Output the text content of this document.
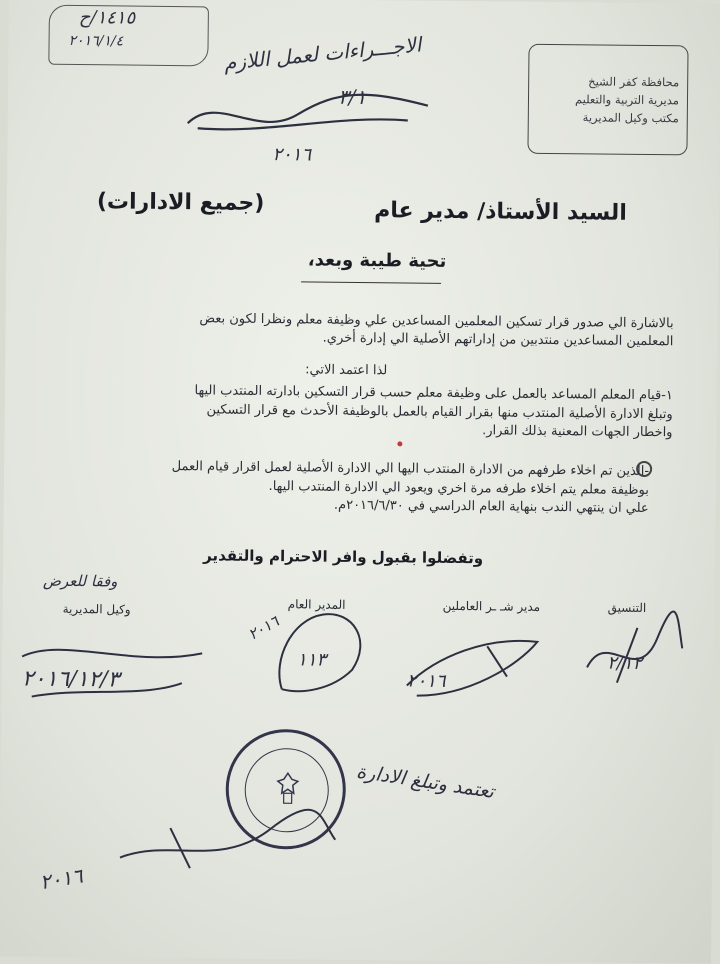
١٤١٥/ح
٢٠١٦/١/٤
محافظة كفر الشيخ
مديرية التربية والتعليم
مكتب وكيل المديرية
الاجـــراءات لعمل اللازم
٣/١
٢٠١٦
السيد الأستاذ/ مدير عام
(جميع الادارات)
تحية طيبة وبعد،

بالاشارة الي صدور قرار تسكين المعلمين المساعدين علي وظيفة معلم ونظرا لكون بعض

المعلمين المساعدين منتدبين من إداراتهم الأصلية الي إدارة أخري.

لذا اعتمد الاتي:
١-قيام المعلم المساعد بالعمل على وظيفة معلم حسب قرار التسكين بادارته المنتدب اليها
وتبلغ الادارة الأصلية المنتدب منها بقرار القيام بالعمل بالوظيفة الأحدث مع قرار التسكين
واخطار الجهات المعنية بذلك القرار.
-الذين تم اخلاء طرفهم من الادارة المنتدب اليها الي الادارة الأصلية لعمل اقرار قيام العمل
بوظيفة معلم يتم اخلاء طرفه مرة اخري ويعود الي الادارة المنتدب اليها.
علي ان ينتهي الندب بنهاية العام الدراسي في ٢٠١٦/٦/٣٠م.
وتفضلوا بقبول وافر الاحترام والتقدير
التنسيق
مدير شـ ـر العاملين
المدير العام
وكيل المديرية
وفقا للعرض
٢/١٢
٢٠١٦
١١٣
٢٠١٦
٢٠١٦/١٢/٣
تعتمد وتبلغ الادارة
٢٠١٦
